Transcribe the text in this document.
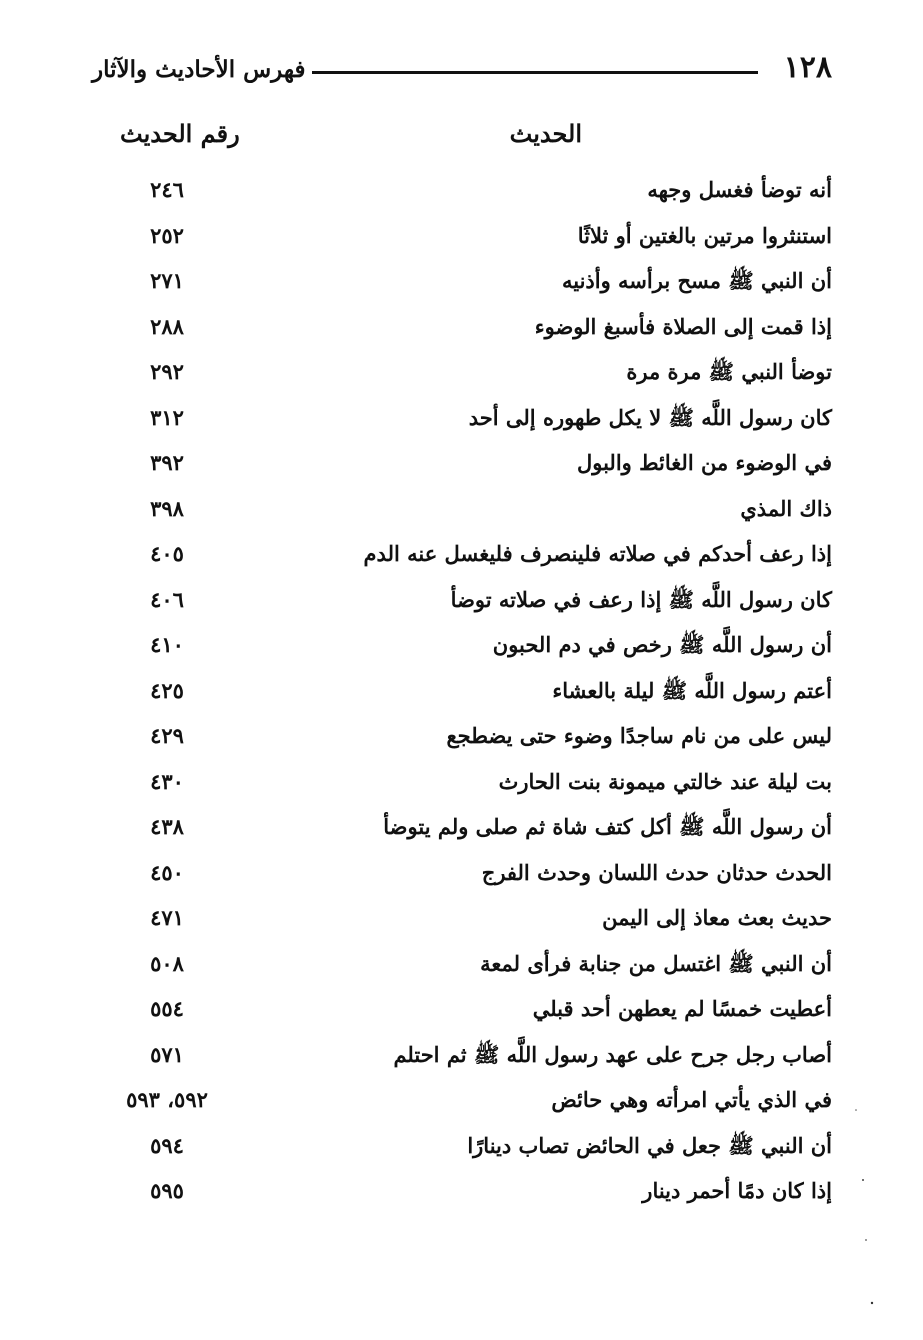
١٢٨
فهرس الأحاديث والآثار
الحديث
رقم الحديث
أنه توضأ فغسل وجهه
٢٤٦
استنثروا مرتين بالغتين أو ثلاثًا
٢٥٢
أن النبي ﷺ مسح برأسه وأذنيه
٢٧١
إذا قمت إلى الصلاة فأسبغ الوضوء
٢٨٨
توضأ النبي ﷺ مرة مرة
٢٩٢
كان رسول اللَّه ﷺ لا يكل طهوره إلى أحد
٣١٢
في الوضوء من الغائط والبول
٣٩٢
ذاك المذي
٣٩٨
إذا رعف أحدكم في صلاته فلينصرف فليغسل عنه الدم
٤٠٥
كان رسول اللَّه ﷺ إذا رعف في صلاته توضأ
٤٠٦
أن رسول اللَّه ﷺ رخص في دم الحبون
٤١٠
أعتم رسول اللَّه ﷺ ليلة بالعشاء
٤٢٥
ليس على من نام ساجدًا وضوء حتى يضطجع
٤٢٩
بت ليلة عند خالتي ميمونة بنت الحارث
٤٣٠
أن رسول اللَّه ﷺ أكل كتف شاة ثم صلى ولم يتوضأ
٤٣٨
الحدث حدثان حدث اللسان وحدث الفرج
٤٥٠
حديث بعث معاذ إلى اليمن
٤٧١
أن النبي ﷺ اغتسل من جنابة فرأى لمعة
٥٠٨
أعطيت خمسًا لم يعطهن أحد قبلي
٥٥٤
أصاب رجل جرح على عهد رسول اللَّه ﷺ ثم احتلم
٥٧١
في الذي يأتي امرأته وهي حائض
٥٩٢، ٥٩٣
أن النبي ﷺ جعل في الحائض تصاب دينارًا
٥٩٤
إذا كان دمًا أحمر دينار
٥٩٥
